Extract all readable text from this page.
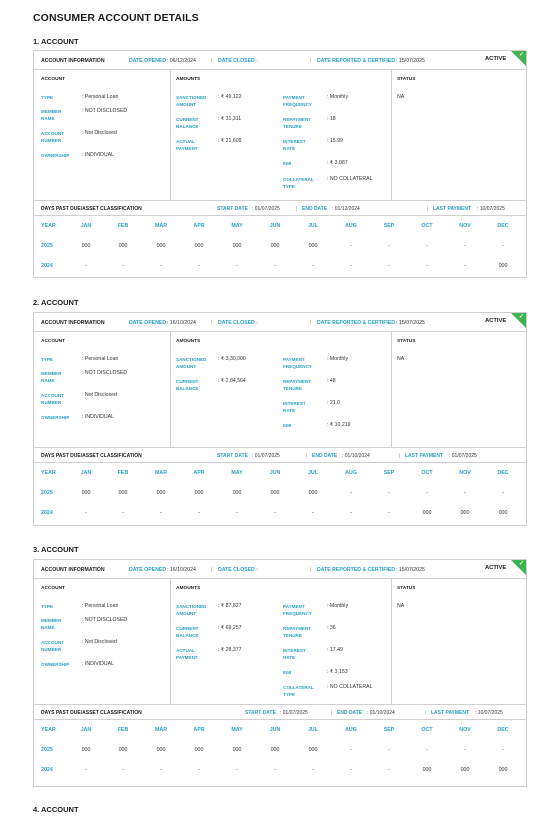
CONSUMER ACCOUNT DETAILS
1. ACCOUNT
ACCOUNT INFORMATION	DATE OPENED : 06/12/2024	| DATE CLOSED :	| DATE REPORTED & CERTIFIED : 15/07/2025	ACTIVE
✓
ACCOUNT	AMOUNTS	STATUS
TYPE	: Personal Loan
MEMBER NAME
: NOT DISCLOSED
ACCOUNT NUMBER
: Not Disclosed
OWNERSHIP	: INDIVIDUAL
SANCTIONED AMOUNT
: ₹ 49,122
CURRENT BALANCE
: ₹ 31,311
ACTUAL PAYMENT
: ₹ 21,609
PAYMENT FREQUENCY
: Monthly
REPAYMENT TENURE
: 18
INTEREST RATE
: 15.99
EMI	: ₹ 3,087
COLLATERAL TYPE
: NO COLLATERAL
NA
DAYS PAST DUE/ASSET CLASSIFICATION	START DATE : 01/07/2025	| END DATE : 01/12/2024	| LAST PAYMENT : 10/07/2025
YEAR	JAN	FEB	MAR	APR	MAY	JUN	JUL	AUG	SEP	OCT	NOV	DEC
2025	000	000	000	000	000	000	000	-	-	-	-	-
2024	-	-	-	-	-	-	-	-	-	-	-	000
2. ACCOUNT
ACCOUNT INFORMATION	DATE OPENED : 16/10/2024	| DATE CLOSED :	| DATE REPORTED & CERTIFIED : 15/07/2025	ACTIVE
✓
ACCOUNT	AMOUNTS	STATUS
TYPE	: Personal Loan
MEMBER NAME
: NOT DISCLOSED
ACCOUNT NUMBER
: Not Disclosed
OWNERSHIP	: INDIVIDUAL
SANCTIONED AMOUNT
: ₹ 3,30,000
CURRENT BALANCE
: ₹ 2,84,564
PAYMENT FREQUENCY
: Monthly
REPAYMENT TENURE
: 48
INTEREST RATE
: 21.0
EMI	: ₹ 10,219
NA
DAYS PAST DUE/ASSET CLASSIFICATION	START DATE : 01/07/2025	| END DATE : 01/10/2024	| LAST PAYMENT : 01/07/2025
YEAR	JAN	FEB	MAR	APR	MAY	JUN	JUL	AUG	SEP	OCT	NOV	DEC
2025	000	000	000	000	000	000	000	-	-	-	-	-
2024	-	-	-	-	-	-	-	-	-	000	000	000
3. ACCOUNT
ACCOUNT INFORMATION	DATE OPENED : 16/10/2024	| DATE CLOSED :	| DATE REPORTED & CERTIFIED : 15/07/2025	ACTIVE
✓
ACCOUNT	AMOUNTS	STATUS
TYPE	: Personal Loan
MEMBER NAME
: NOT DISCLOSED
ACCOUNT NUMBER
: Not Disclosed
OWNERSHIP	: INDIVIDUAL
SANCTIONED AMOUNT
: ₹ 87,827
CURRENT BALANCE
: ₹ 69,257
ACTUAL PAYMENT
: ₹ 28,377
PAYMENT FREQUENCY
: Monthly
REPAYMENT TENURE
: 36
INTEREST RATE
: 17.49
EMI	: ₹ 3,153
COLLATERAL TYPE
: NO COLLATERAL
NA
DAYS PAST DUE/ASSET CLASSIFICATION	START DATE : 01/07/2025	| END DATE : 01/10/2024	| LAST PAYMENT : 10/07/2025
YEAR	JAN	FEB	MAR	APR	MAY	JUN	JUL	AUG	SEP	OCT	NOV	DEC
2025	000	000	000	000	000	000	000	-	-	-	-	-
2024	-	-	-	-	-	-	-	-	-	000	000	000
4. ACCOUNT
